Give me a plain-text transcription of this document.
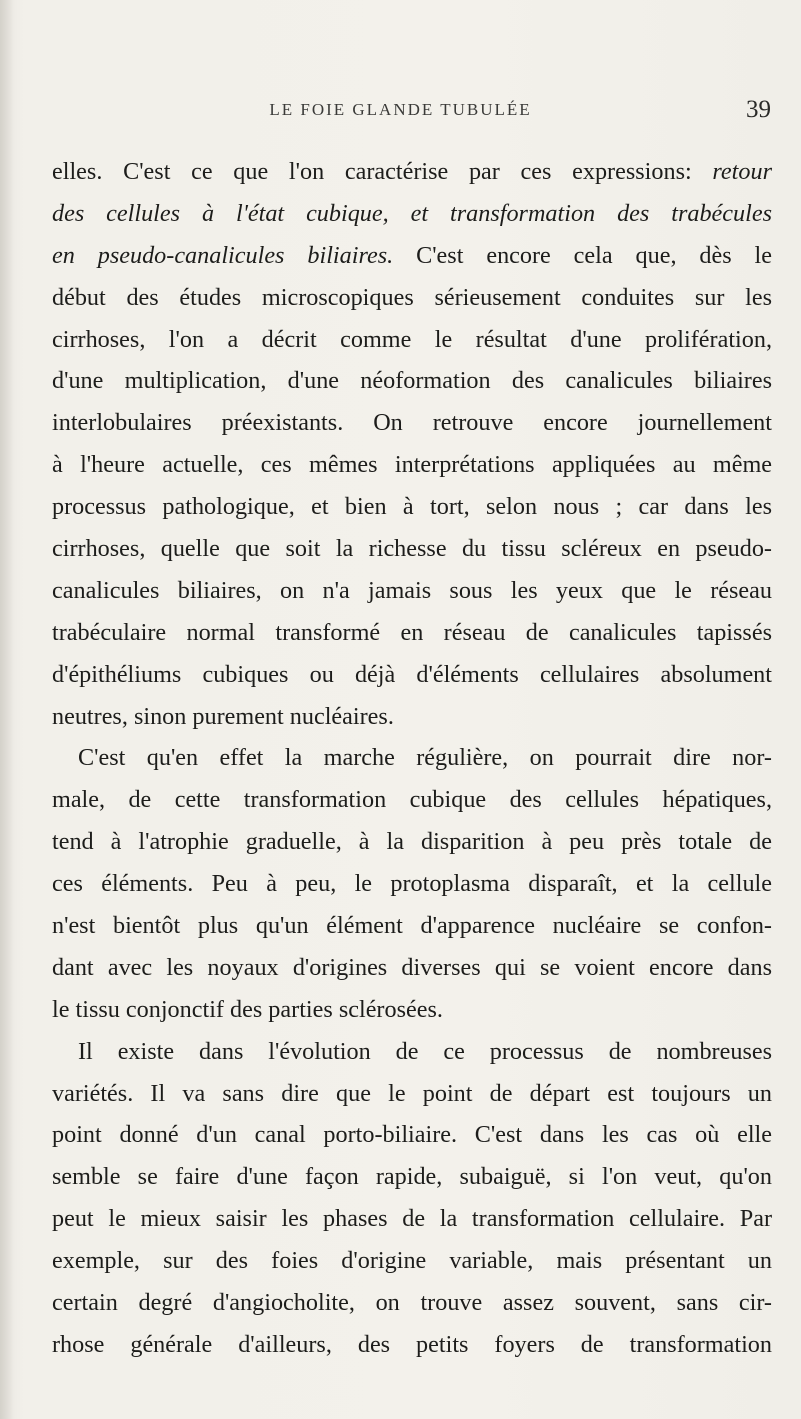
LE FOIE GLANDE TUBULÉE	39
elles. C'est ce que l'on caractérise par ces expressions: retour
des cellules à l'état cubique, et transformation des trabécules
en pseudo-canalicules biliaires. C'est encore cela que, dès le
début des études microscopiques sérieusement conduites sur les
cirrhoses, l'on a décrit comme le résultat d'une prolifération,
d'une multiplication, d'une néoformation des canalicules biliaires
interlobulaires préexistants. On retrouve encore journellement
à l'heure actuelle, ces mêmes interprétations appliquées au même
processus pathologique, et bien à tort, selon nous ; car dans les
cirrhoses, quelle que soit la richesse du tissu scléreux en pseudo-
canalicules biliaires, on n'a jamais sous les yeux que le réseau
trabéculaire normal transformé en réseau de canalicules tapissés
d'épithéliums cubiques ou déjà d'éléments cellulaires absolument
neutres, sinon purement nucléaires.
C'est qu'en effet la marche régulière, on pourrait dire nor-
male, de cette transformation cubique des cellules hépatiques,
tend à l'atrophie graduelle, à la disparition à peu près totale de
ces éléments. Peu à peu, le protoplasma disparaît, et la cellule
n'est bientôt plus qu'un élément d'apparence nucléaire se confon-
dant avec les noyaux d'origines diverses qui se voient encore dans
le tissu conjonctif des parties sclérosées.
Il existe dans l'évolution de ce processus de nombreuses
variétés. Il va sans dire que le point de départ est toujours un
point donné d'un canal porto-biliaire. C'est dans les cas où elle
semble se faire d'une façon rapide, subaiguë, si l'on veut, qu'on
peut le mieux saisir les phases de la transformation cellulaire. Par
exemple, sur des foies d'origine variable, mais présentant un
certain degré d'angiocholite, on trouve assez souvent, sans cir-
rhose générale d'ailleurs, des petits foyers de transformation
